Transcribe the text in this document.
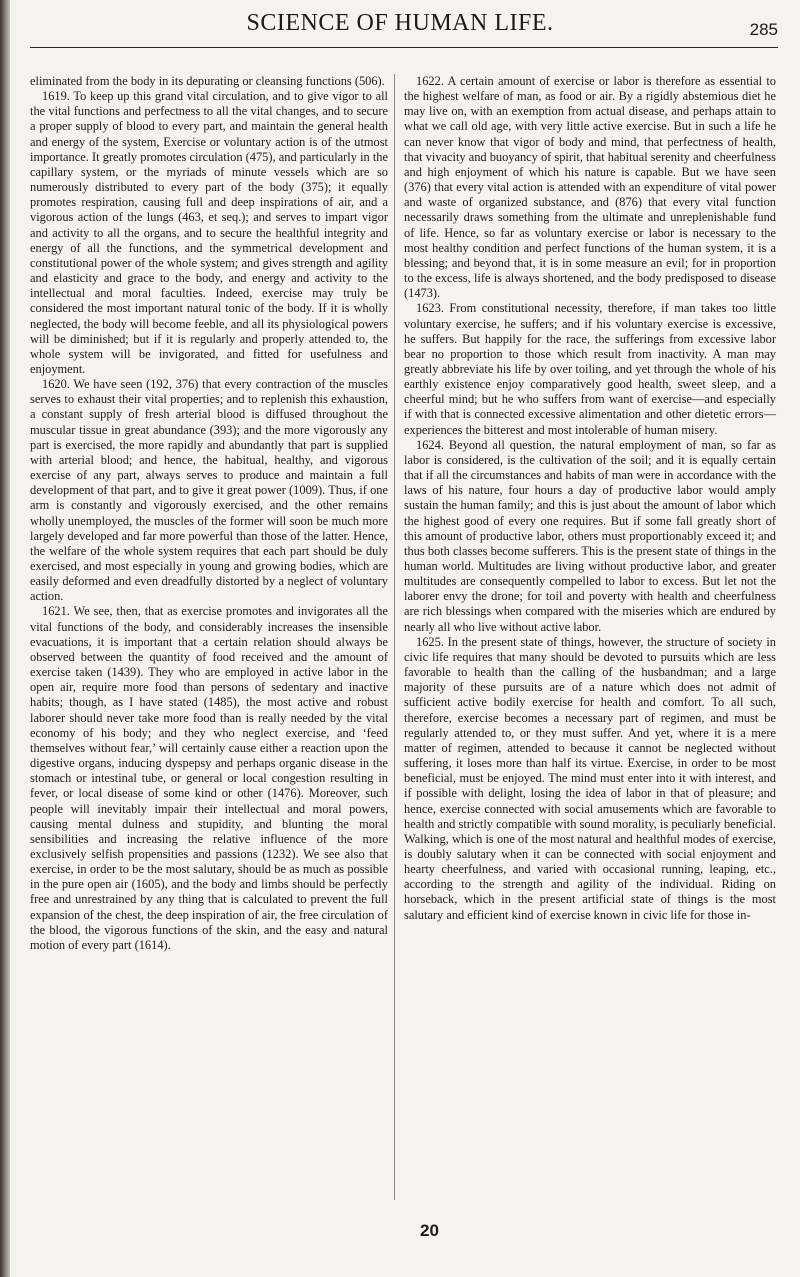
SCIENCE OF HUMAN LIFE.	285

eliminated from the body in its depurating or cleansing functions (506).

1619. To keep up this grand vital circulation, and to give vigor to all the vital functions and perfectness to all the vital changes, and to secure a proper supply of blood to every part, and maintain the general health and energy of the system, Exercise or voluntary action is of the utmost importance. It greatly promotes circulation (475), and particularly in the capillary system, or the myriads of minute vessels which are so numerously distributed to every part of the body (375); it equally promotes respiration, causing full and deep inspirations of air, and a vigorous action of the lungs (463, et seq.); and serves to impart vigor and activity to all the organs, and to secure the healthful integrity and energy of all the functions, and the symmetrical development and constitutional power of the whole system; and gives strength and agility and elasticity and grace to the body, and energy and activity to the intellectual and moral faculties. Indeed, exercise may truly be considered the most important natural tonic of the body. If it is wholly neglected, the body will become feeble, and all its physiological powers will be diminished; but if it is regularly and properly attended to, the whole system will be invigorated, and fitted for usefulness and enjoyment.

1620. We have seen (192, 376) that every contraction of the muscles serves to exhaust their vital properties; and to replenish this exhaustion, a constant supply of fresh arterial blood is diffused throughout the muscular tissue in great abundance (393); and the more vigorously any part is exercised, the more rapidly and abundantly that part is supplied with arterial blood; and hence, the habitual, healthy, and vigorous exercise of any part, always serves to produce and maintain a full development of that part, and to give it great power (1009). Thus, if one arm is constantly and vigorously exercised, and the other remains wholly unemployed, the muscles of the former will soon be much more largely developed and far more powerful than those of the latter. Hence, the welfare of the whole system requires that each part should be duly exercised, and most especially in young and growing bodies, which are easily deformed and even dreadfully distorted by a neglect of voluntary action.

1621. We see, then, that as exercise promotes and invigorates all the vital functions of the body, and considerably increases the insensible evacuations, it is important that a certain relation should always be observed between the quantity of food received and the amount of exercise taken (1439). They who are employed in active labor in the open air, require more food than persons of sedentary and inactive habits; though, as I have stated (1485), the most active and robust laborer should never take more food than is really needed by the vital economy of his body; and they who neglect exercise, and ‘feed themselves without fear,’ will certainly cause either a reaction upon the digestive organs, inducing dyspepsy and perhaps organic disease in the stomach or intestinal tube, or general or local congestion resulting in fever, or local disease of some kind or other (1476). Moreover, such people will inevitably impair their intellectual and moral powers, causing mental dulness and stupidity, and blunting the moral sensibilities and increasing the relative influence of the more exclusively selfish propensities and passions (1232). We see also that exercise, in order to be the most salutary, should be as much as possible in the pure open air (1605), and the body and limbs should be perfectly free and unrestrained by any thing that is calculated to prevent the full expansion of the chest, the deep inspiration of air, the free circulation of the blood, the vigorous functions of the skin, and the easy and natural motion of every part (1614).

1622. A certain amount of exercise or labor is therefore as essential to the highest welfare of man, as food or air. By a rigidly abstemious diet he may live on, with an exemption from actual disease, and perhaps attain to what we call old age, with very little active exercise. But in such a life he can never know that vigor of body and mind, that perfectness of health, that vivacity and buoyancy of spirit, that habitual serenity and cheerfulness and high enjoyment of which his nature is capable. But we have seen (376) that every vital action is attended with an expenditure of vital power and waste of organized substance, and (876) that every vital function necessarily draws something from the ultimate and unreplenishable fund of life. Hence, so far as voluntary exercise or labor is necessary to the most healthy condition and perfect functions of the human system, it is a blessing; and beyond that, it is in some measure an evil; for in proportion to the excess, life is always shortened, and the body predisposed to disease (1473).

1623. From constitutional necessity, therefore, if man takes too little voluntary exercise, he suffers; and if his voluntary exercise is excessive, he suffers. But happily for the race, the sufferings from excessive labor bear no proportion to those which result from inactivity. A man may greatly abbreviate his life by over toiling, and yet through the whole of his earthly existence enjoy comparatively good health, sweet sleep, and a cheerful mind; but he who suffers from want of exercise—and especially if with that is connected excessive alimentation and other dietetic errors—experiences the bitterest and most intolerable of human misery.

1624. Beyond all question, the natural employment of man, so far as labor is considered, is the cultivation of the soil; and it is equally certain that if all the circumstances and habits of man were in accordance with the laws of his nature, four hours a day of productive labor would amply sustain the human family; and this is just about the amount of labor which the highest good of every one requires. But if some fall greatly short of this amount of productive labor, others must proportionably exceed it; and thus both classes become sufferers. This is the present state of things in the human world. Multitudes are living without productive labor, and greater multitudes are consequently compelled to labor to excess. But let not the laborer envy the drone; for toil and poverty with health and cheerfulness are rich blessings when compared with the miseries which are endured by nearly all who live without active labor.

1625. In the present state of things, however, the structure of society in civic life requires that many should be devoted to pursuits which are less favorable to health than the calling of the husbandman; and a large majority of these pursuits are of a nature which does not admit of sufficient active bodily exercise for health and comfort. To all such, therefore, exercise becomes a necessary part of regimen, and must be regularly attended to, or they must suffer. And yet, where it is a mere matter of regimen, attended to because it cannot be neglected without suffering, it loses more than half its virtue. Exercise, in order to be most beneficial, must be enjoyed. The mind must enter into it with interest, and if possible with delight, losing the idea of labor in that of pleasure; and hence, exercise connected with social amusements which are favorable to health and strictly compatible with sound morality, is peculiarly beneficial. Walking, which is one of the most natural and healthful modes of exercise, is doubly salutary when it can be connected with social enjoyment and hearty cheerfulness, and varied with occasional running, leaping, etc., according to the strength and agility of the individual. Riding on horseback, which in the present artificial state of things is the most salutary and efficient kind of exercise known in civic life for those in-

20
